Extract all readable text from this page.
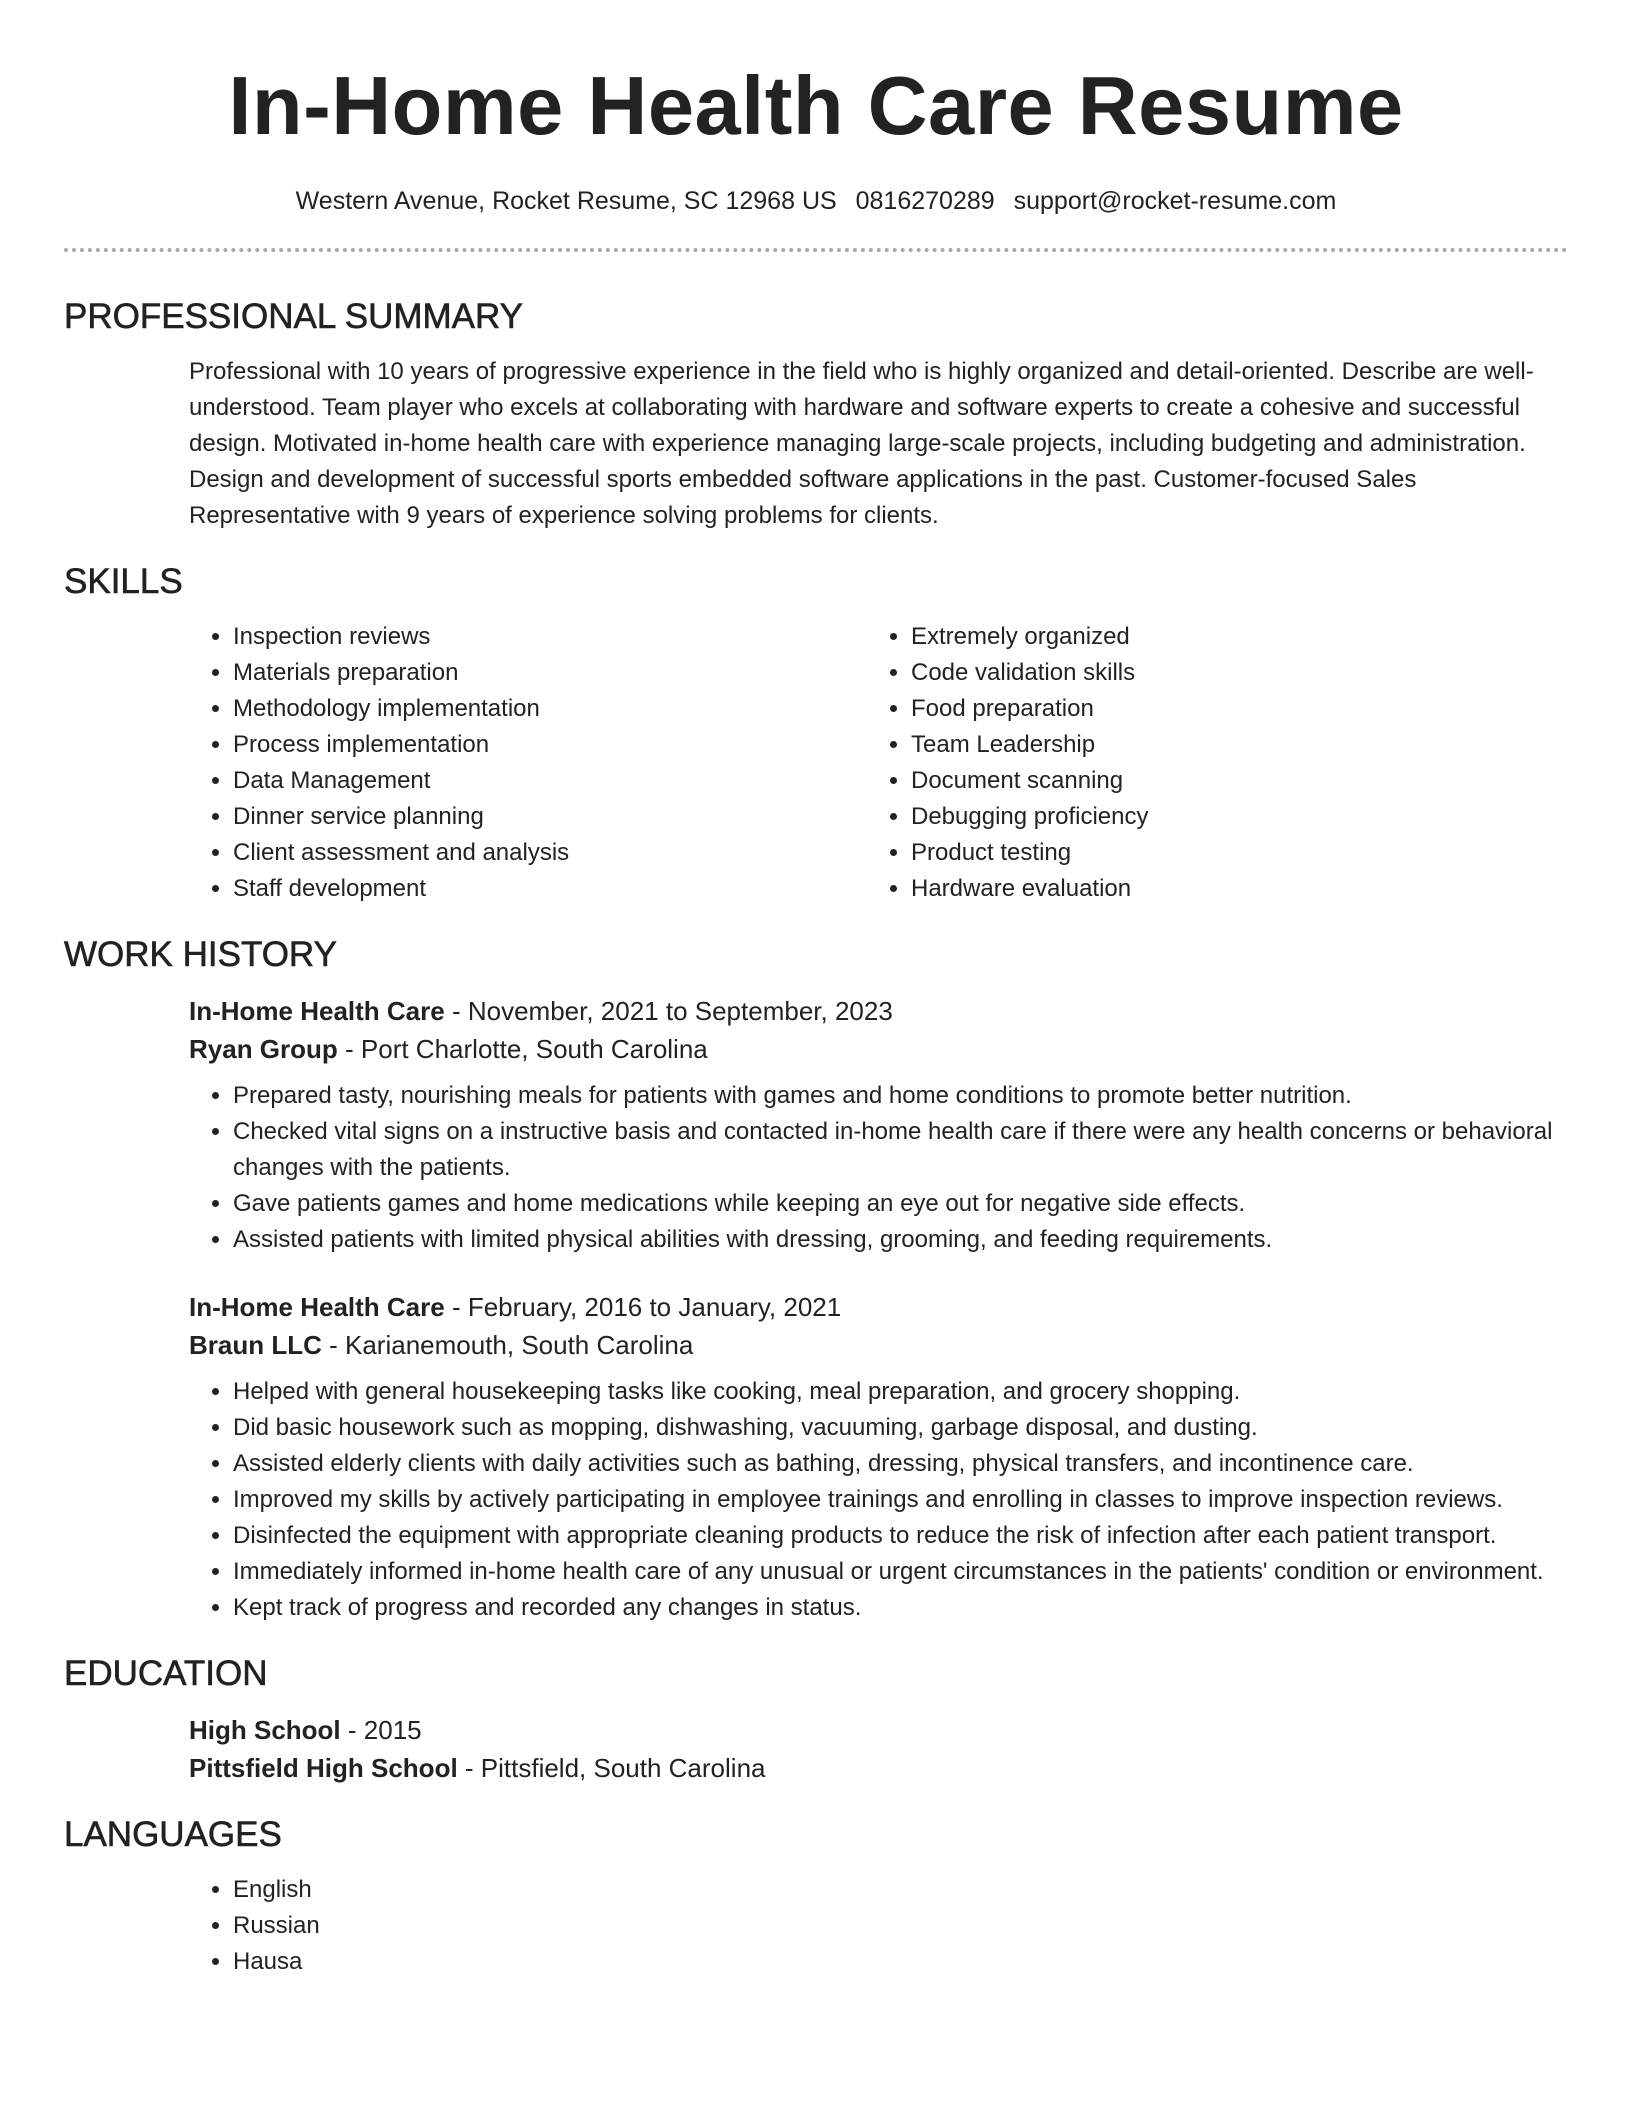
In-Home Health Care Resume
Western Avenue, Rocket Resume, SC 12968 US 0816270289 support@rocket-resume.com
PROFESSIONAL SUMMARY

Professional with 10 years of progressive experience in the field who is highly organized and detail-oriented. Describe are well-understood. Team player who excels at collaborating with hardware and software experts to create a cohesive and successful design. Motivated in-home health care with experience managing large-scale projects, including budgeting and administration. Design and development of successful sports embedded software applications in the past. Customer-focused Sales Representative with 9 years of experience solving problems for clients.

SKILLS
• Inspection reviews
• Materials preparation
• Methodology implementation
• Process implementation
• Data Management
• Dinner service planning
• Client assessment and analysis
• Staff development
• Extremely organized
• Code validation skills
• Food preparation
• Team Leadership
• Document scanning
• Debugging proficiency
• Product testing
• Hardware evaluation
WORK HISTORY
In-Home Health Care - November, 2021 to September, 2023
Ryan Group - Port Charlotte, South Carolina
• Prepared tasty, nourishing meals for patients with games and home conditions to promote better nutrition.
• Checked vital signs on a instructive basis and contacted in-home health care if there were any health concerns or behavioral changes with the patients.
• Gave patients games and home medications while keeping an eye out for negative side effects.
• Assisted patients with limited physical abilities with dressing, grooming, and feeding requirements.
In-Home Health Care - February, 2016 to January, 2021
Braun LLC - Karianemouth, South Carolina
• Helped with general housekeeping tasks like cooking, meal preparation, and grocery shopping.
• Did basic housework such as mopping, dishwashing, vacuuming, garbage disposal, and dusting.
• Assisted elderly clients with daily activities such as bathing, dressing, physical transfers, and incontinence care.
• Improved my skills by actively participating in employee trainings and enrolling in classes to improve inspection reviews.
• Disinfected the equipment with appropriate cleaning products to reduce the risk of infection after each patient transport.
• Immediately informed in-home health care of any unusual or urgent circumstances in the patients' condition or environment.
• Kept track of progress and recorded any changes in status.
EDUCATION
High School - 2015
Pittsfield High School - Pittsfield, South Carolina
LANGUAGES
• English
• Russian
• Hausa
